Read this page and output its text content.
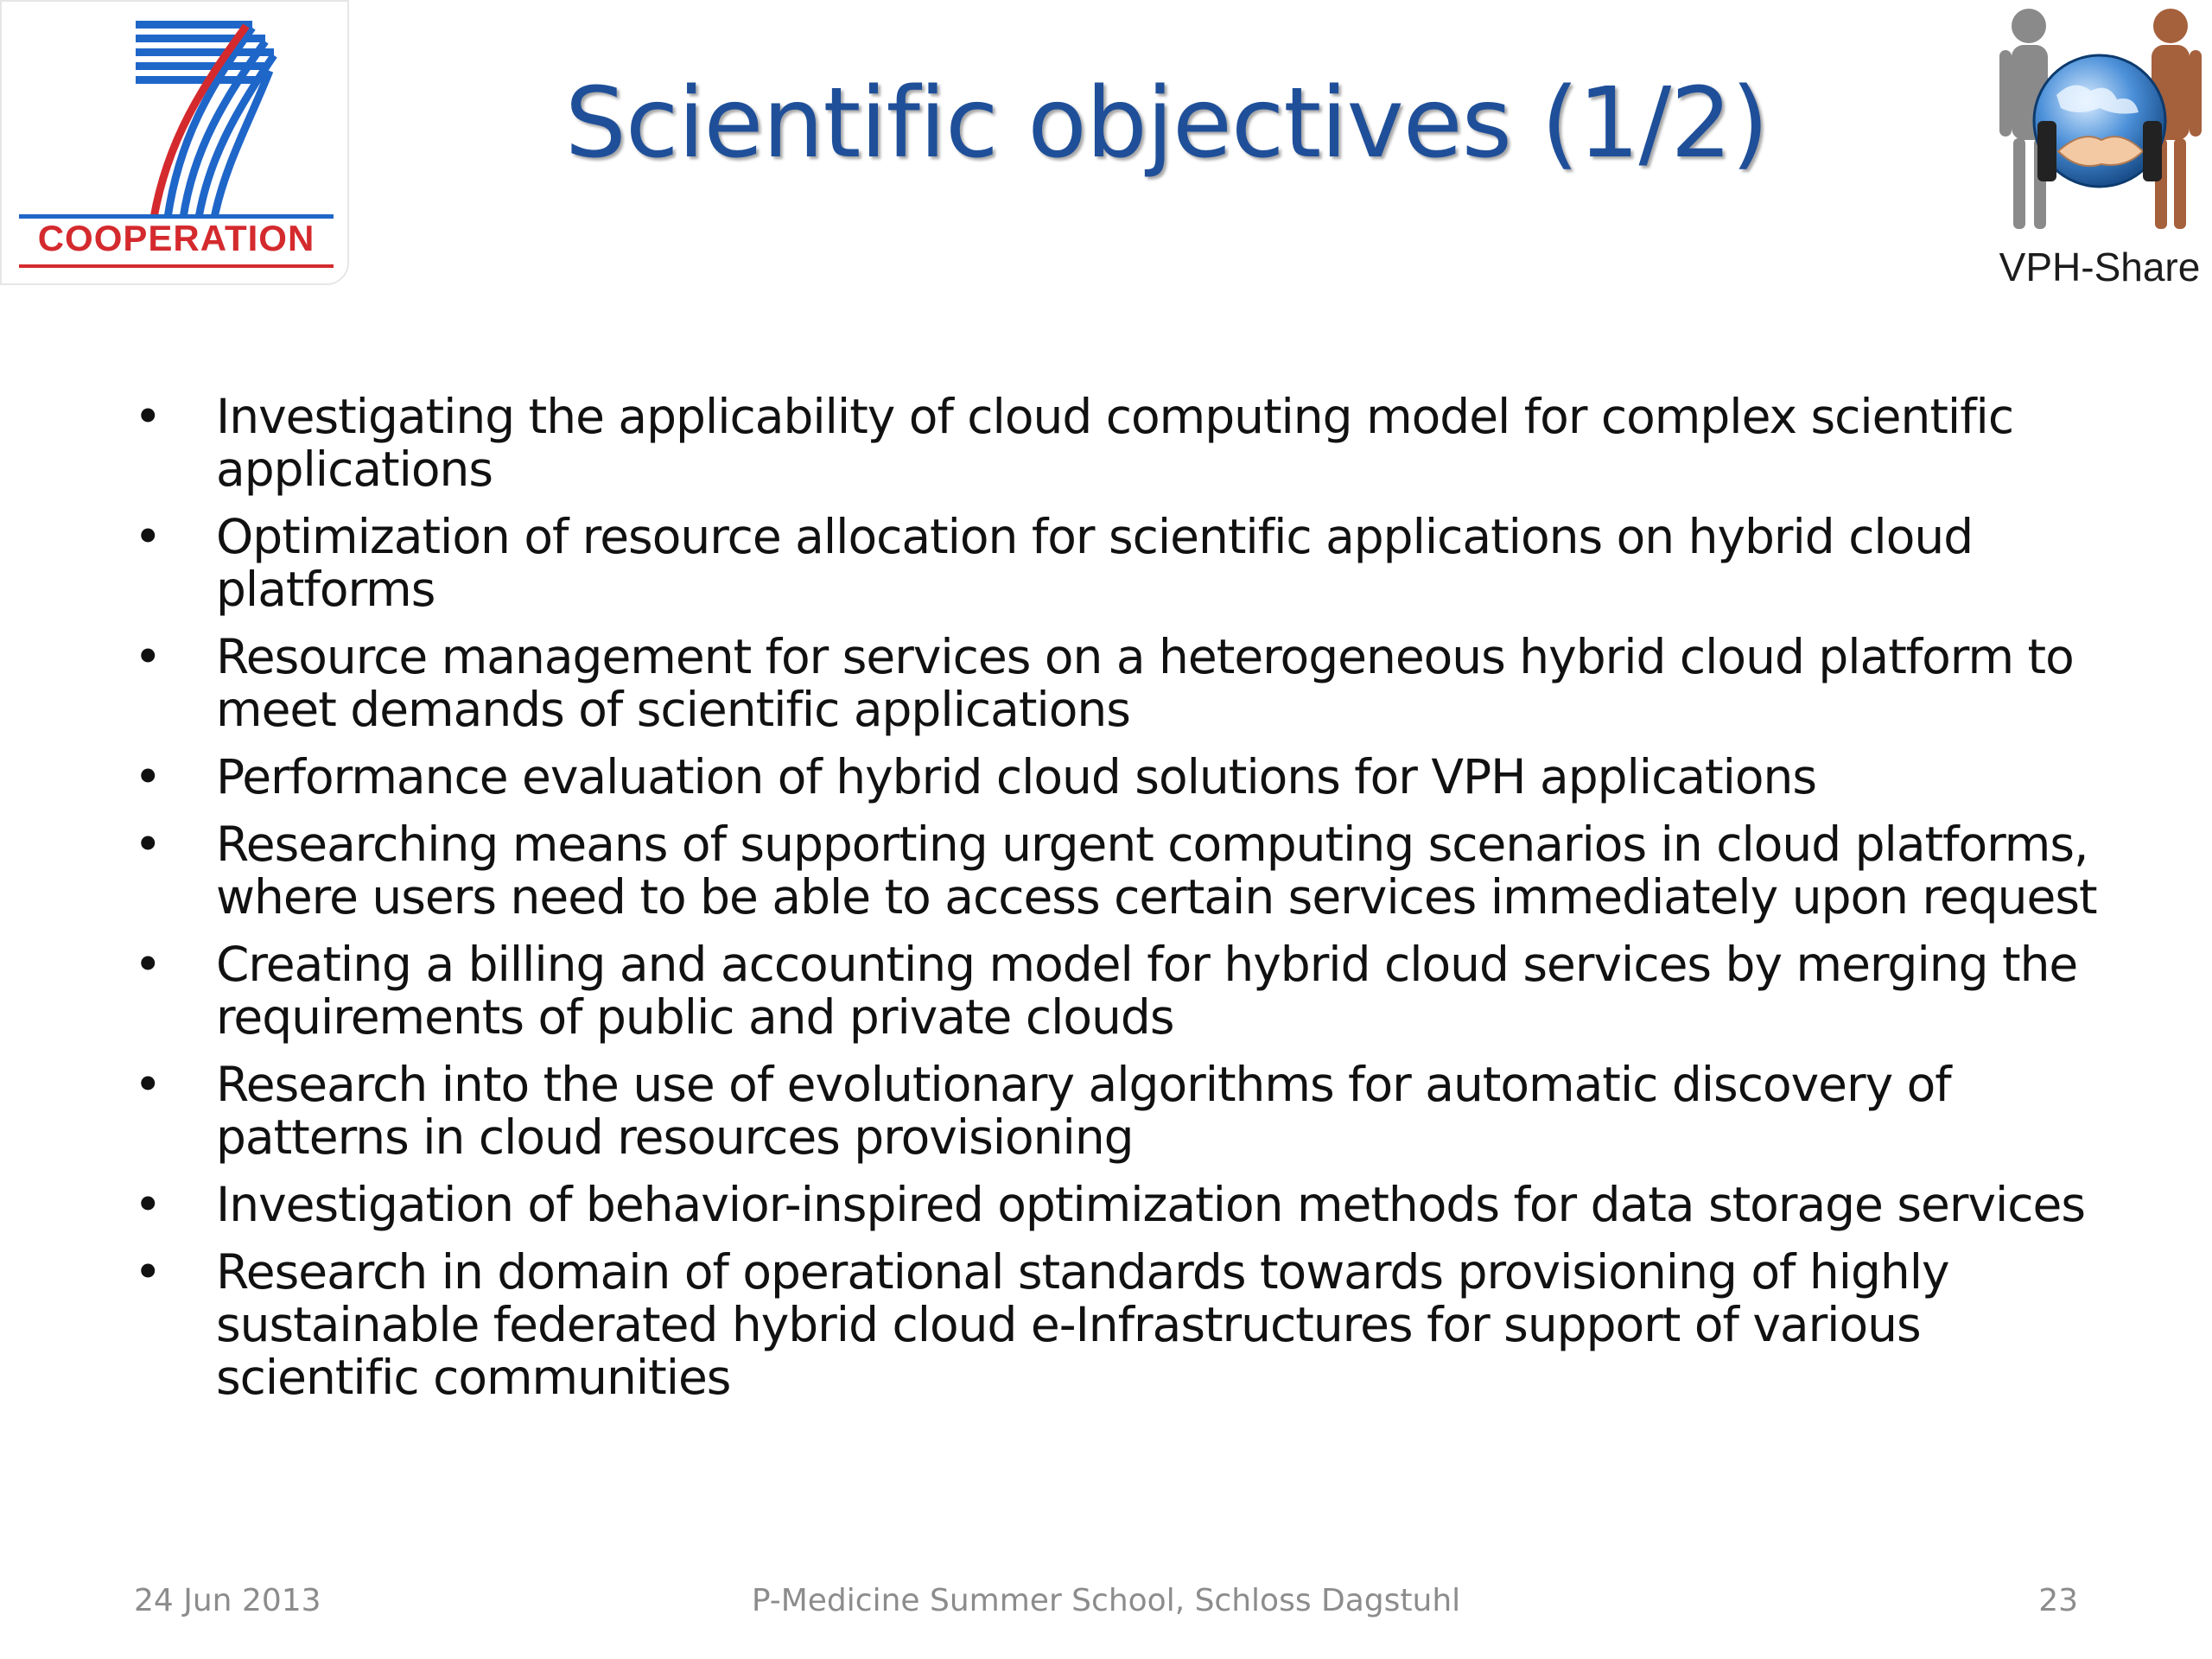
COOPERATION
VPH-Share
Scientific objectives (1/2)
• Investigating the applicability of cloud computing model for complex scientific applications
• Optimization of resource allocation for scientific applications on hybrid cloud platforms
• Resource management for services on a heterogeneous hybrid cloud platform to meet demands of scientific applications
• Performance evaluation of hybrid cloud solutions for VPH applications
• Researching means of supporting urgent computing scenarios in cloud platforms, where users need to be able to access certain services immediately upon request
• Creating a billing and accounting model for hybrid cloud services by merging the requirements of public and private clouds
• Research into the use of evolutionary algorithms for automatic discovery of patterns in cloud resources provisioning
• Investigation of behavior-inspired optimization methods for data storage services
• Research in domain of operational standards towards provisioning of highly sustainable federated hybrid cloud e-Infrastructures for support of various scientific communities
24 Jun 2013	P-Medicine Summer School, Schloss Dagstuhl	23
